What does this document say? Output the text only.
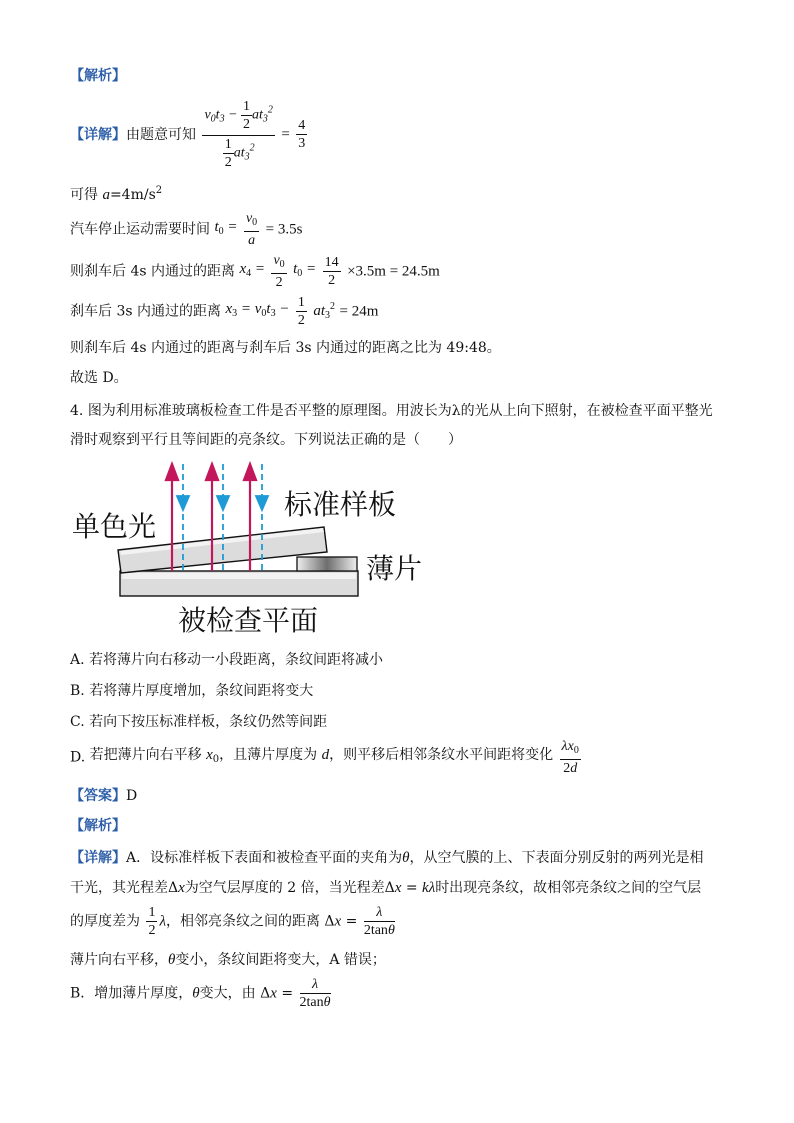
【解析】
【详解】由题意可知 $\frac{v_0t_3 - \frac{1}{2} at_3^2}{\frac{1}{2} at_3^2} = \frac{4}{3}$
可得 $a=4m/s^2$
汽车停止运动需要时间 $t_0 = \frac{v_0}{a} = 3.5s$
则刹车后 4s 内通过的距离 $x_4 = \frac{v_0}{2} t_0 = \frac{14}{2} \times 3.5m = 24.5m$
刹车后 3s 内通过的距离 $x_3 = v_0t_3 - \frac{1}{2} at_3^2 = 24m$
则刹车后 4s 内通过的距离与刹车后 3s 内通过的距离之比为 49:48。
故选 D。
4. 图为利用标准玻璃板检查工件是否平整的原理图。用波长为λ的光从上向下照射，在被检查平面平整光
滑时观察到平行且等间距的亮条纹。下列说法正确的是（　　）
单色光
标准样板
薄片
被检查平面
A. 若将薄片向右移动一小段距离，条纹间距将减小
B. 若将薄片厚度增加，条纹间距将变大
C. 若向下按压标准样板，条纹仍然等间距
D. 若把薄片向右平移 $x_0$，且薄片厚度为 d，则平移后相邻条纹水平间距将变化 $\frac{\lambda x_0}{2d}$
【答案】D
【解析】
【详解】A．设标准样板下表面和被检查平面的夹角为θ，从空气膜的上、下表面分别反射的两列光是相
干光，其光程差Δx为空气层厚度的 2 倍，当光程差Δx = kλ时出现亮条纹，故相邻亮条纹之间的空气层
的厚度差为 $\frac{1}{2}$ λ，相邻亮条纹之间的距离 $\Delta x = \frac{\lambda}{2\tan\theta}$
薄片向右平移，θ变小，条纹间距将变大，A 错误；
B．增加薄片厚度，θ变大，由 $\Delta x = \frac{\lambda}{2\tan\theta}$
